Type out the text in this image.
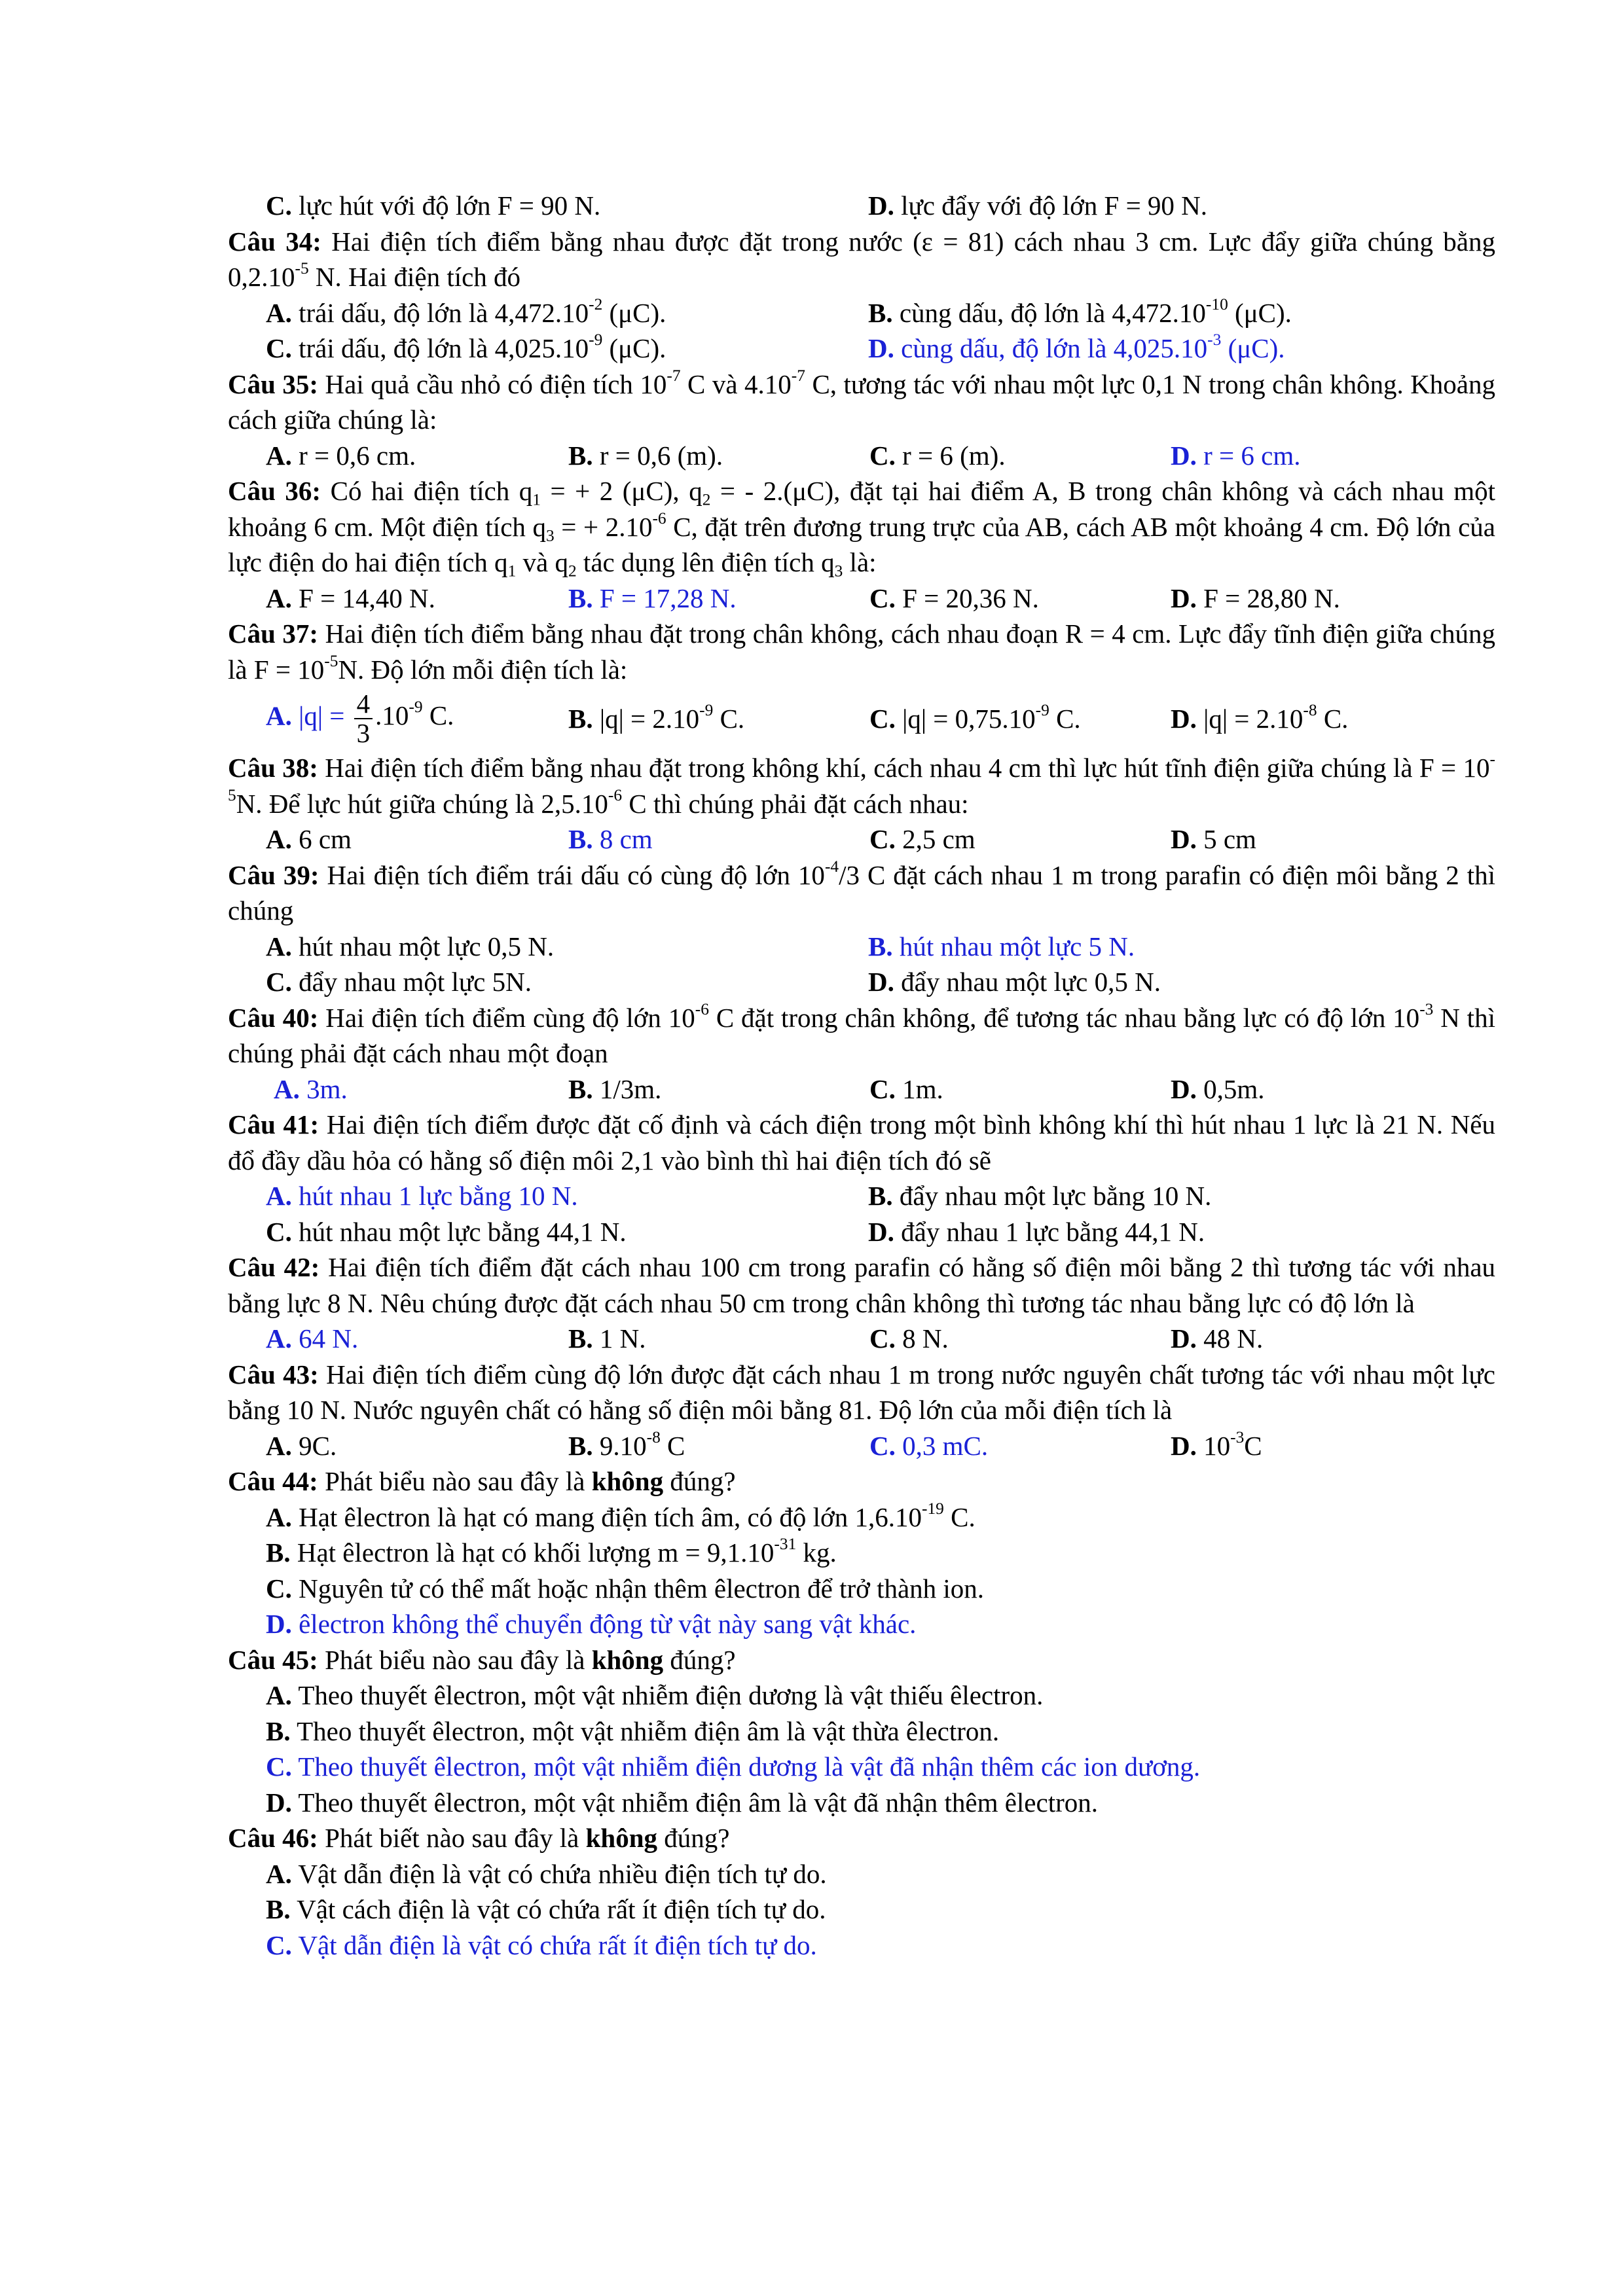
C. lực hút với độ lớn F = 90 N.	D. lực đẩy với độ lớn F = 90 N.
Câu 34: Hai điện tích điểm bằng nhau được đặt trong nước (ε = 81) cách nhau 3 cm. Lực đẩy giữa chúng bằng $0,2.10^{-5}$ N. Hai điện tích đó
A. trái dấu, độ lớn là $4,472.10^{-2}$ (μC).	B. cùng dấu, độ lớn là $4,472.10^{-10}$ (μC).
C. trái dấu, độ lớn là $4,025.10^{-9}$ (μC).	D. cùng dấu, độ lớn là $4,025.10^{-3}$ (μC).
Câu 35: Hai quả cầu nhỏ có điện tích $10^{-7}$ C và $4.10^{-7}$ C, tương tác với nhau một lực 0,1 N trong chân không. Khoảng cách giữa chúng là:
A. r = 0,6 cm.	B. r = 0,6 (m).	C. r = 6 (m).	D. r = 6 cm.
Câu 36: Có hai điện tích $q_1$ = + 2 (μC), $q_2$ = - 2.(μC), đặt tại hai điểm A, B trong chân không và cách nhau một khoảng 6 cm. Một điện tích $q_3$ = + $2.10^{-6}$ C, đặt trên đương trung trực của AB, cách AB một khoảng 4 cm. Độ lớn của lực điện do hai điện tích $q_1$ và $q_2$ tác dụng lên điện tích $q_3$ là:
A. F = 14,40 N.	B. F = 17,28 N.	C. F = 20,36 N.	D. F = 28,80 N.
Câu 37: Hai điện tích điểm bằng nhau đặt trong chân không, cách nhau đoạn R = 4 cm. Lực đẩy tĩnh điện giữa chúng là $F = 10^{-5}N$. Độ lớn mỗi điện tích là:
A. $|q| = \frac{4}{3} .10^{-9}$ C.	B. $|q| = 2.10^{-9}$ C.	C. $|q| = 0,75.10^{-9}$ C.	D. $|q| = 2.10^{-8}$ C.
Câu 38: Hai điện tích điểm bằng nhau đặt trong không khí, cách nhau 4 cm thì lực hút tĩnh điện giữa chúng là $F = 10^{-5}N$. Để lực hút giữa chúng là $2,5.10^{-6}$ C thì chúng phải đặt cách nhau:
A. 6 cm	B. 8 cm	C. 2,5 cm	D. 5 cm
Câu 39: Hai điện tích điểm trái dấu có cùng độ lớn $10^{-4}/3$ C đặt cách nhau 1 m trong parafin có điện môi bằng 2 thì chúng
A. hút nhau một lực 0,5 N.	B. hút nhau một lực 5 N.
C. đẩy nhau một lực 5N.	D. đẩy nhau một lực 0,5 N.
Câu 40: Hai điện tích điểm cùng độ lớn $10^{-6}$ C đặt trong chân không, để tương tác nhau bằng lực có độ lớn $10^{-3}$ N thì chúng phải đặt cách nhau một đoạn
A. 3m.	B. 1/3m.	C. 1m.	D. 0,5m.
Câu 41: Hai điện tích điểm được đặt cố định và cách điện trong một bình không khí thì hút nhau 1 lực là 21 N. Nếu đổ đầy dầu hỏa có hằng số điện môi 2,1 vào bình thì hai điện tích đó sẽ
A. hút nhau 1 lực bằng 10 N.	B. đẩy nhau một lực bằng 10 N.
C. hút nhau một lực bằng 44,1 N.	D. đẩy nhau 1 lực bằng 44,1 N.
Câu 42: Hai điện tích điểm đặt cách nhau 100 cm trong parafin có hằng số điện môi bằng 2 thì tương tác với nhau bằng lực 8 N. Nêu chúng được đặt cách nhau 50 cm trong chân không thì tương tác nhau bằng lực có độ lớn là
A. 64 N.	B. 1 N.	C. 8 N.	D. 48 N.
Câu 43: Hai điện tích điểm cùng độ lớn được đặt cách nhau 1 m trong nước nguyên chất tương tác với nhau một lực bằng 10 N. Nước nguyên chất có hằng số điện môi bằng 81. Độ lớn của mỗi điện tích là
A. 9C.	B. $9.10^{-8}$ C	C. 0,3 mC.	D. $10^{-3}C$
Câu 44: Phát biểu nào sau đây là không đúng?
A. Hạt êlectron là hạt có mang điện tích âm, có độ lớn $1,6.10^{-19}$ C.
B. Hạt êlectron là hạt có khối lượng $m = 9,1.10^{-31}$ kg.
C. Nguyên tử có thể mất hoặc nhận thêm êlectron để trở thành ion.
D. êlectron không thể chuyển động từ vật này sang vật khác.
Câu 45: Phát biểu nào sau đây là không đúng?
A. Theo thuyết êlectron, một vật nhiễm điện dương là vật thiếu êlectron.
B. Theo thuyết êlectron, một vật nhiễm điện âm là vật thừa êlectron.
C. Theo thuyết êlectron, một vật nhiễm điện dương là vật đã nhận thêm các ion dương.
D. Theo thuyết êlectron, một vật nhiễm điện âm là vật đã nhận thêm êlectron.
Câu 46: Phát biết nào sau đây là không đúng?
A. Vật dẫn điện là vật có chứa nhiều điện tích tự do.
B. Vật cách điện là vật có chứa rất ít điện tích tự do.
C. Vật dẫn điện là vật có chứa rất ít điện tích tự do.
